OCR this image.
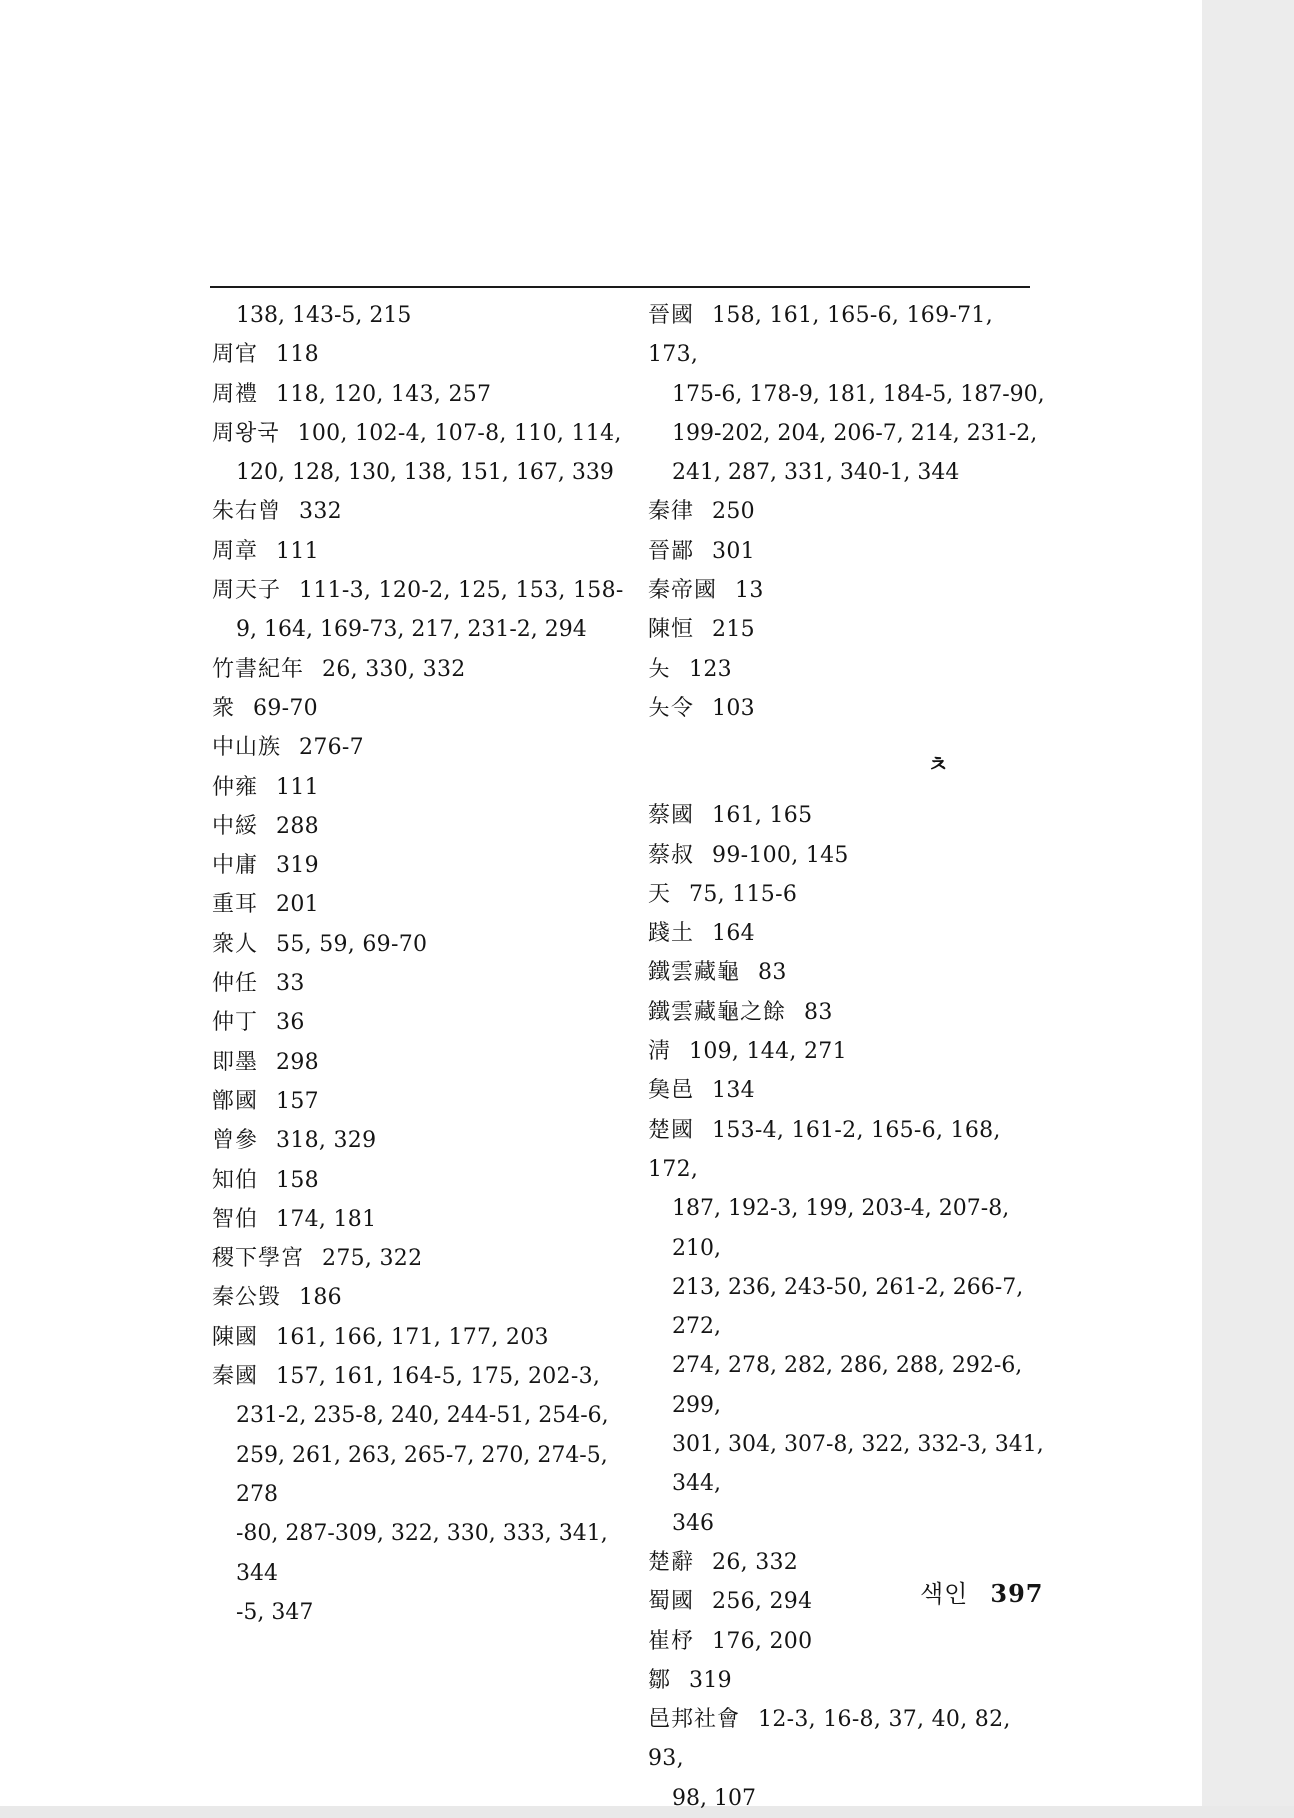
138, 143-5, 215
周官 118
周禮 118, 120, 143, 257
周왕국 100, 102-4, 107-8, 110, 114,
120, 128, 130, 138, 151, 167, 339
朱右曾 332
周章 111
周天子 111-3, 120-2, 125, 153, 158-
9, 164, 169-73, 217, 231-2, 294
竹書紀年 26, 330, 332
衆 69-70
中山族 276-7
仲雍 111
中綏 288
中庸 319
重耳 201
衆人 55, 59, 69-70
仲任 33
仲丁 36
即墨 298
鄫國 157
曾參 318, 329
知伯 158
智伯 174, 181
稷下學宮 275, 322
秦公毀 186
陳國 161, 166, 171, 177, 203
秦國 157, 161, 164-5, 175, 202-3,
231-2, 235-8, 240, 244-51, 254-6,
259, 261, 263, 265-7, 270, 274-5, 278
-80, 287-309, 322, 330, 333, 341, 344
-5, 347
晉國 158, 161, 165-6, 169-71, 173,
175-6, 178-9, 181, 184-5, 187-90,
199-202, 204, 206-7, 214, 231-2,
241, 287, 331, 340-1, 344
秦律 250
晉鄙 301
秦帝國 13
陳恒 215
夨 123
夨令 103
ㅊ
蔡國 161, 165
蔡叔 99-100, 145
天 75, 115-6
踐土 164
鐵雲藏龜 83
鐵雲藏龜之餘 83
淸 109, 144, 271
㚟邑 134
楚國 153-4, 161-2, 165-6, 168, 172,
187, 192-3, 199, 203-4, 207-8, 210,
213, 236, 243-50, 261-2, 266-7, 272,
274, 278, 282, 286, 288, 292-6, 299,
301, 304, 307-8, 322, 332-3, 341, 344,
346
楚辭 26, 332
蜀國 256, 294
崔杼 176, 200
鄒 319
邑邦社會 12-3, 16-8, 37, 40, 82, 93,
98, 107
색인 397
